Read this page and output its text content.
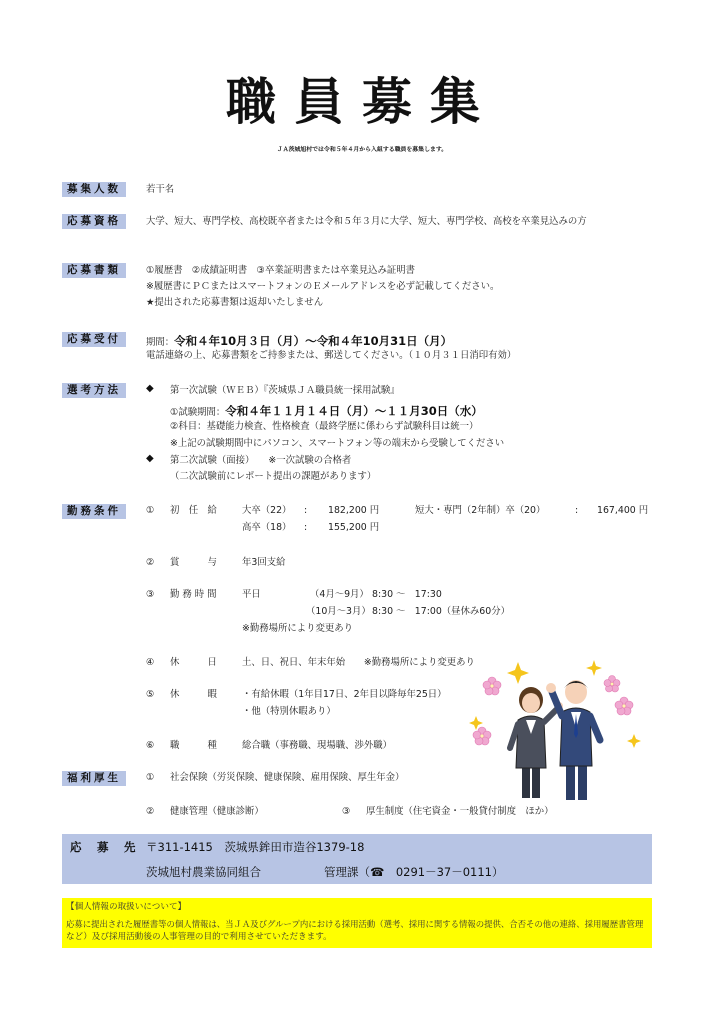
職員募集
ＪＡ茨城旭村では令和５年４月から入組する職員を募集します。
募集人数	若干名
応募資格	大学、短大、専門学校、高校既卒者または令和５年３月に大学、短大、専門学校、高校を卒業見込みの方
応募書類	①履歴書　②成績証明書　③卒業証明書または卒業見込み証明書
※履歴書にＰＣまたはスマートフォンのＥメールアドレスを必ず記載してください。
★提出された応募書類は返却いたしません
応募受付	期間：令和４年10月３日（月）～令和４年10月31日（月）
電話連絡の上、応募書類をご持参または、郵送してください。（１０月３１日消印有効）
選考方法	◆ 第一次試験（ＷＥＢ）『茨城県ＪＡ職員統一採用試験』
①試験期間：令和４年１１月１４日（月）～１１月30日（水）
②科目：基礎能力検査、性格検査（最終学歴に係わらず試験科目は統一）
※上記の試験期間中にパソコン、スマートフォン等の端末から受験してください
◆ 第二次試験（面接）　　※一次試験の合格者
（二次試験前にレポート提出の課題があります）
勤務条件	① 初　任　給	大卒（22） : 182,200 円	短大・専門（2年制）卒（20）	: 167,400 円
高卒（18） : 155,200 円
② 賞　　　与	年3回支給
③ 勤 務 時 間	平日	（4月～9月） 8:30 ～　17:30
（10月～3月） 8:30 ～　17:00（昼休み60分）
※勤務場所により変更あり
④ 休　　　日	土、日、祝日、年末年始　　※勤務場所により変更あり
⑤ 休　　　暇	・有給休暇（1年目17日、2年目以降毎年25日）
・他（特別休暇あり）
⑥ 職　　　種	総合職（事務職、現場職、渉外職）
福利厚生	① 社会保険（労災保険、健康保険、雇用保険、厚生年金）
② 健康管理（健康診断）	③ 厚生制度（住宅資金・一般貸付制度　ほか）
応　募　先 〒311-1415　茨城県鉾田市造谷1379-18
茨城旭村農業協同組合	管理課（☎　0291－37－0111）
【個人情報の取扱いについて】
応募に提出された履歴書等の個人情報は、当ＪＡ及びグループ内における採用活動（選考、採用に関する情報の提供、合否その他の連絡、採用履歴書管理
など）及び採用活動後の人事管理の目的で利用させていただきます。
